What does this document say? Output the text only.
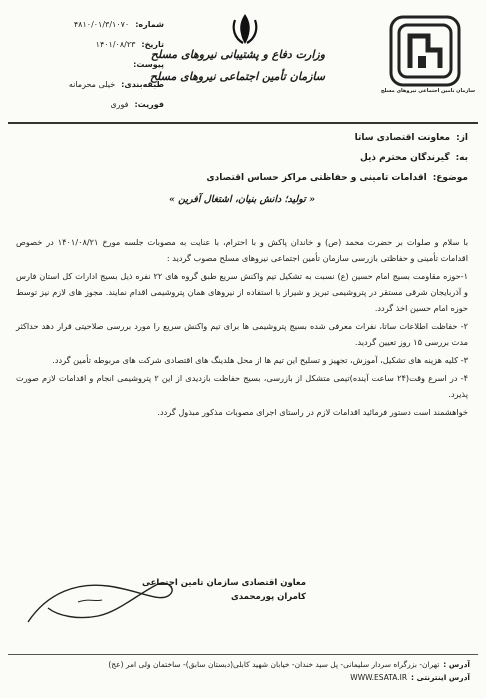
سازمان تامین اجتماعی نیروهای مسلح
وزارت دفاع و پشتیبانی نیروهای مسلح
سازمان تأمین اجتماعی نیروهای مسلح
شماره:
۴۸۱۰/۰۱/۳/۱۰۷۰
تاریخ:
۱۴۰۱/۰۸/۲۳
پیوست:
طبقه‌بندی:
خیلی محرمانه
فوریت:
فوری
از:معاونت اقتصادی ساتا
به:گیرندگان محترم ذیل
موضوع:اقدامات تامینی و حفاظتی مراکز حساس اقتصادی
« تولید؛ دانش بنیان، اشتغال آفرین »

با سلام و صلوات بر حضرت محمد (ص) و خاندان پاکش و با احترام، با عنایت به مصوبات جلسه مورخ ۱۴۰۱/۰۸/۲۱ در خصوص اقدامات تأمینی و حفاظتی بازرسی سازمان تأمین اجتماعی نیروهای مسلح مصوب گردید :

۱-حوزه مقاومت بسیج امام حسین (ع) نسبت به تشکیل تیم واکنش سریع طبق گروه های ۲۲ نفره ذیل بسیج ادارات کل استان فارس و آذربایجان شرقی مستقر در پتروشیمی تبریز و شیراز با استفاده از نیروهای همان پتروشیمی اقدام نمایند. مجوز های لازم نیز توسط حوزه امام حسین اخذ گردد.
۲- حفاظت اطلاعات ساتا، نفرات معرفی شده بسیج پتروشیمی ها برای تیم واکنش سریع را مورد بررسی صلاحیتی قرار دهد حداکثر مدت بررسی ۱۵ روز تعیین گردید.
۳- کلیه هزینه های تشکیل، آموزش، تجهیز و تسلیح این تیم ها از محل هلدینگ های اقتصادی شرکت های مربوطه تأمین گردد.
۴- در اسرع وقت(۲۴ ساعت آینده)تیمی متشکل از بازرسی، بسیج حفاظت بازدیدی از این ۲ پتروشیمی انجام و اقدامات لازم صورت پذیرد.
خواهشمند است دستور فرمائید اقدامات لازم در راستای اجرای مصوبات مذکور مبذول گردد.
معاون اقتصادی سازمان تامین اجتماعی
کامران پورمحمدی
آدرس :تهران- بزرگراه سردار سلیمانی- پل سید خندان- خیابان شهید کابلی(دبستان سابق)- ساختمان ولی امر (عج)
آدرس اینترنتی :WWW.ESATA.IR
